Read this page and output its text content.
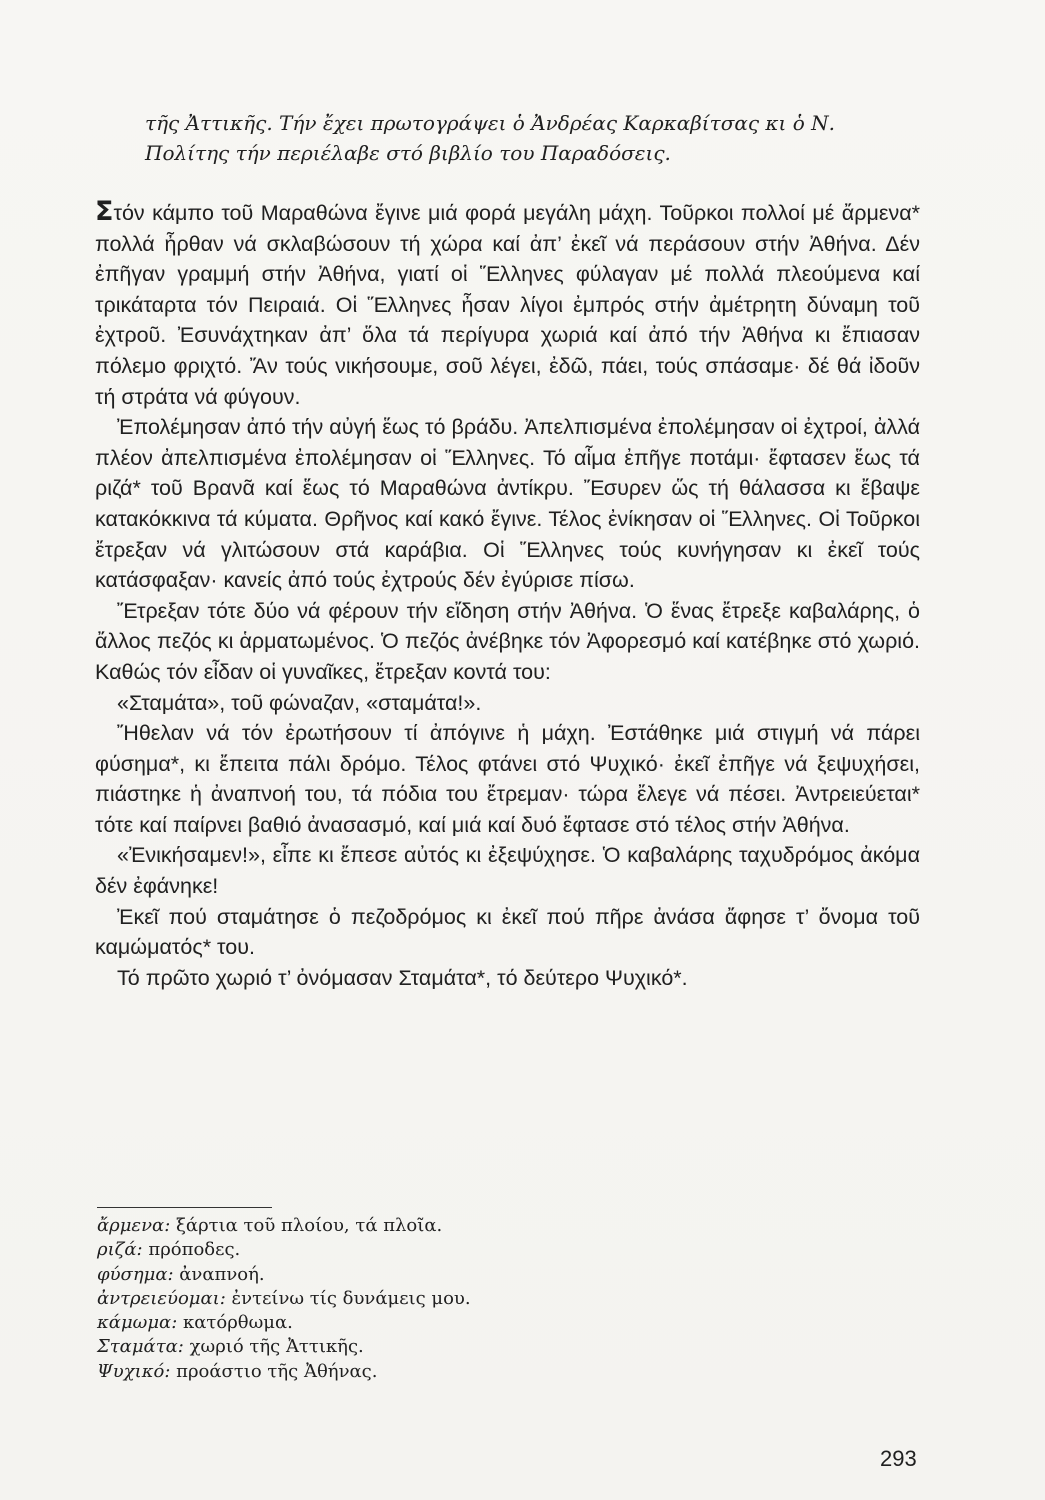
τῆς Ἀττικῆς. Τήν ἔχει πρωτογράψει ὁ Ἀνδρέας Καρκαβίτσας κι ὁ Ν.

Πολίτης τήν περιέλαβε στό βιβλίο του Παραδόσεις.

Στόν κάμπο τοῦ Μαραθώνα ἔγινε μιά φορά μεγάλη μάχη. Τοῦρκοι πολλοί μέ ἄρμενα* πολλά ἦρθαν νά σκλαβώσουν τή χώρα καί ἀπ’ ἐκεῖ νά περάσουν στήν Ἀθήνα. Δέν ἐπῆγαν γραμμή στήν Ἀθήνα, γιατί οἱ Ἕλληνες φύλαγαν μέ πολλά πλεούμενα καί τρικάταρτα τόν Πειραιά. Οἱ Ἕλληνες ἦσαν λίγοι ἐμπρός στήν ἀμέτρητη δύναμη τοῦ ἐχτροῦ. Ἐσυνάχτηκαν ἀπ’ ὅλα τά περίγυρα χωριά καί ἀπό τήν Ἀθήνα κι ἔπιασαν πόλεμο φριχτό. Ἄν τούς νικήσουμε, σοῦ λέγει, ἐδῶ, πάει, τούς σπάσαμε· δέ θά ἰδοῦν τή στράτα νά φύγουν.

Ἐπολέμησαν ἀπό τήν αὐγή ἕως τό βράδυ. Ἀπελπισμένα ἐπολέμησαν οἱ ἐχτροί, ἀλλά πλέον ἀπελπισμένα ἐπολέμησαν οἱ Ἕλληνες. Τό αἷμα ἐπῆγε ποτάμι· ἔφτασεν ἕως τά ριζά* τοῦ Βρανᾶ καί ἕως τό Μαραθώνα ἀντίκρυ. Ἔσυρεν ὥς τή θάλασσα κι ἔβαψε κατακόκκινα τά κύματα. Θρῆνος καί κακό ἔγινε. Τέλος ἐνίκησαν οἱ Ἕλληνες. Οἱ Τοῦρκοι ἔτρεξαν νά γλιτώσουν στά καράβια. Οἱ Ἕλληνες τούς κυνήγησαν κι ἐκεῖ τούς κατάσφαξαν· κανείς ἀπό τούς ἐχτρούς δέν ἐγύρισε πίσω.

Ἔτρεξαν τότε δύο νά φέρουν τήν εἴδηση στήν Ἀθήνα. Ὁ ἕνας ἔτρεξε καβαλάρης, ὁ ἄλλος πεζός κι ἁρματωμένος. Ὁ πεζός ἀνέβηκε τόν Ἀφορεσμό καί κατέβηκε στό χωριό. Καθώς τόν εἶδαν οἱ γυναῖκες, ἔτρεξαν κοντά του:

«Σταμάτα», τοῦ φώναζαν, «σταμάτα!».

Ἤθελαν νά τόν ἐρωτήσουν τί ἀπόγινε ἡ μάχη. Ἐστάθηκε μιά στιγμή νά πάρει φύσημα*, κι ἔπειτα πάλι δρόμο. Τέλος φτάνει στό Ψυχικό· ἐκεῖ ἐπῆγε νά ξεψυχήσει, πιάστηκε ἡ ἀναπνοή του, τά πόδια του ἔτρεμαν· τώρα ἔλεγε νά πέσει. Ἀντρειεύεται* τότε καί παίρνει βαθιό ἀνασασμό, καί μιά καί δυό ἔφτασε στό τέλος στήν Ἀθήνα.

«Ἐνικήσαμεν!», εἶπε κι ἔπεσε αὐτός κι ἐξεψύχησε. Ὁ καβαλάρης ταχυδρόμος ἀκόμα δέν ἐφάνηκε!

Ἐκεῖ πού σταμάτησε ὁ πεζοδρόμος κι ἐκεῖ πού πῆρε ἀνάσα ἄφησε τ’ ὄνομα τοῦ καμώματός* του.

Τό πρῶτο χωριό τ’ ὀνόμασαν Σταμάτα*, τό δεύτερο Ψυχικό*.

ἄρμενα: ξάρτια τοῦ πλοίου, τά πλοῖα.

ριζά: πρόποδες.

φύσημα: ἀναπνοή.

ἀντρειεύομαι: ἐντείνω τίς δυνάμεις μου.

κάμωμα: κατόρθωμα.

Σταμάτα: χωριό τῆς Ἀττικῆς.

Ψυχικό: προάστιο τῆς Ἀθήνας.

293
